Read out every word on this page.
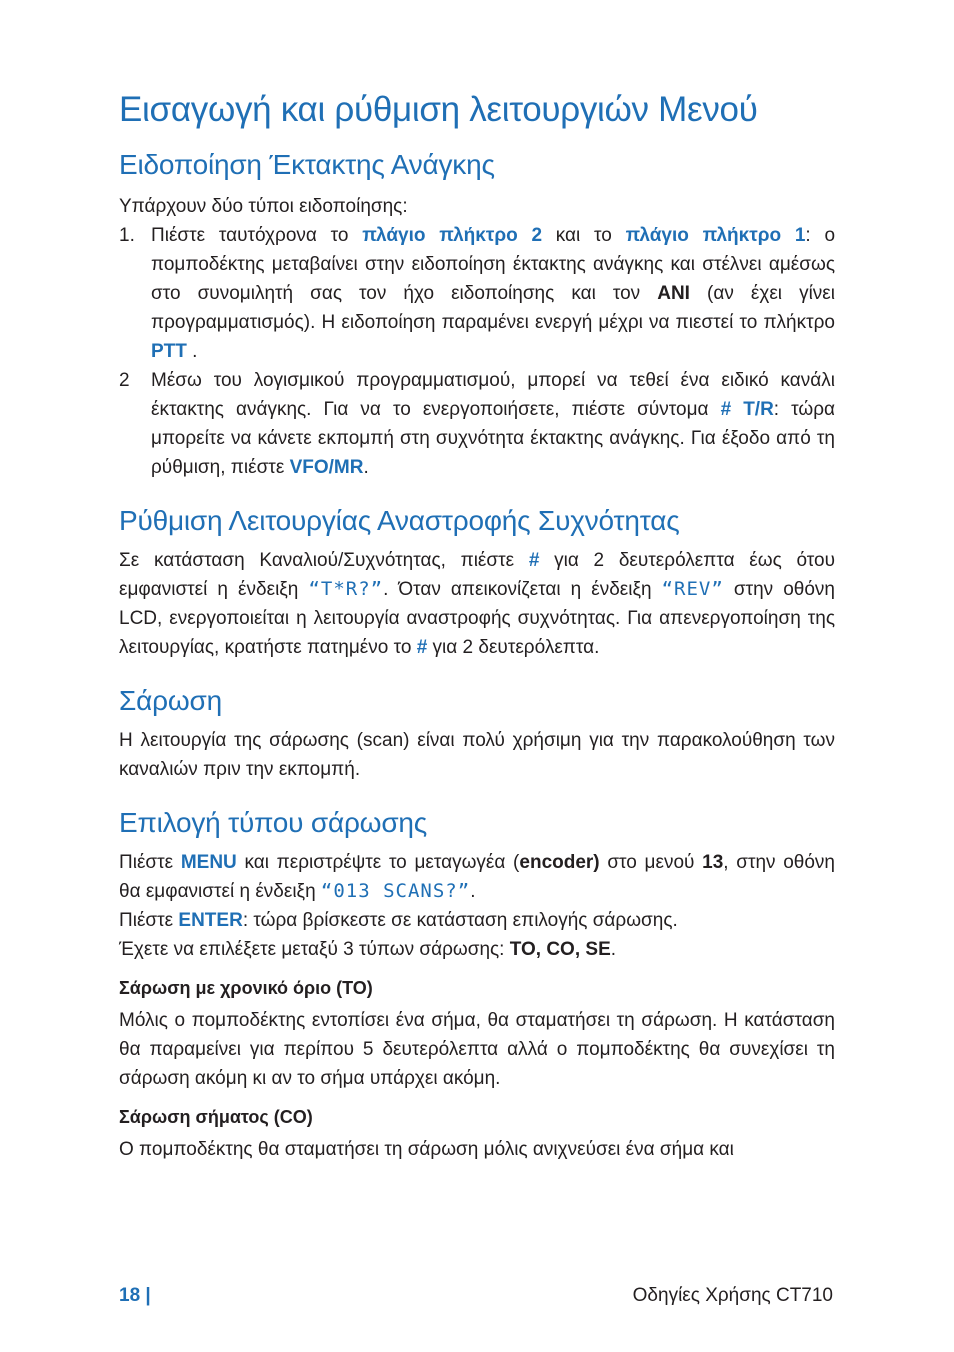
Εισαγωγή και ρύθμιση λειτουργιών Μενού
Ειδοποίηση Έκτακτης Ανάγκης

Υπάρχουν δύο τύποι ειδοποίησης:

1. Πιέστε ταυτόχρονα το πλάγιο πλήκτρο 2 και το πλάγιο πλήκτρο 1: ο πομποδέκτης μεταβαίνει στην ειδοποίηση έκτακτης ανάγκης και στέλνει αμέσως στο συνομιλητή σας τον ήχο ειδοποίησης και τον ANI (αν έχει γίνει προγραμματισμός). Η ειδοποίηση παραμένει ενεργή μέχρι να πιεστεί το πλήκτρο PTT .
2 Μέσω του λογισμικού προγραμματισμού, μπορεί να τεθεί ένα ειδικό κανάλι έκτακτης ανάγκης. Για να το ενεργοποιήσετε, πιέστε σύντομα # T/R: τώρα μπορείτε να κάνετε εκπομπή στη συχνότητα έκτακτης ανάγκης. Για έξοδο από τη ρύθμιση, πιέστε VFO/MR.
Ρύθμιση Λειτουργίας Αναστροφής Συχνότητας

Σε κατάσταση Καναλιού/Συχνότητας, πιέστε # για 2 δευτερόλεπτα έως ότου εμφανιστεί η ένδειξη “T*R?”. Όταν απεικονίζεται η ένδειξη “REV” στην οθόνη LCD, ενεργοποιείται η λειτουργία αναστροφής συχνότητας. Για απενεργοποίηση της λειτουργίας, κρατήστε πατημένο το # για 2 δευτερόλεπτα.

Σάρωση

Η λειτουργία της σάρωσης (scan) είναι πολύ χρήσιμη για την παρακολούθηση των καναλιών πριν την εκπομπή.

Επιλογή τύπου σάρωσης

Πιέστε MENU και περιστρέψτε το μεταγωγέα (encoder) στο μενού 13, στην οθόνη θα εμφανιστεί η ένδειξη “013 SCANS?”.

Πιέστε ENTER: τώρα βρίσκεστε σε κατάσταση επιλογής σάρωσης.

Έχετε να επιλέξετε μεταξύ 3 τύπων σάρωσης: TO, CO, SE.

Σάρωση με χρονικό όριο (TO)

Μόλις ο πομποδέκτης εντοπίσει ένα σήμα, θα σταματήσει τη σάρωση. Η κατάσταση θα παραμείνει για περίπου 5 δευτερόλεπτα αλλά ο πομποδέκτης θα συνεχίσει τη σάρωση ακόμη κι αν το σήμα υπάρχει ακόμη.

Σάρωση σήματος (CO)

Ο πομποδέκτης θα σταματήσει τη σάρωση μόλις ανιχνεύσει ένα σήμα και

18 |	Οδηγίες Χρήσης CT710
